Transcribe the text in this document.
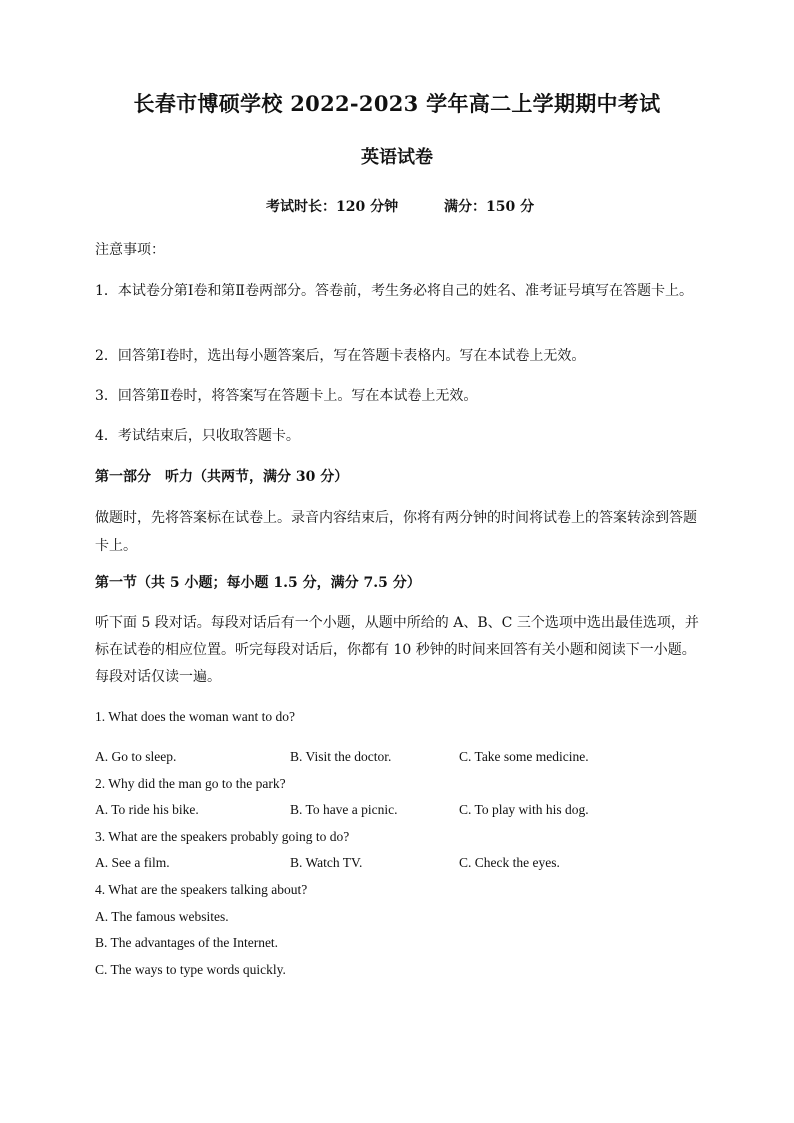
长春市博硕学校 2022-2023 学年高二上学期期中考试
英语试卷
考试时长：120 分钟	满分：150 分
注意事项：
1．本试卷分第Ⅰ卷和第Ⅱ卷两部分。答卷前，考生务必将自己的姓名、准考证号填写在答题卡上。
2．回答第Ⅰ卷时，选出每小题答案后，写在答题卡表格内。写在本试卷上无效。
3．回答第Ⅱ卷时，将答案写在答题卡上。写在本试卷上无效。
4．考试结束后，只收取答题卡。
第一部分　听力（共两节，满分 30 分）
做题时，先将答案标在试卷上。录音内容结束后，你将有两分钟的时间将试卷上的答案转涂到答题卡上。
第一节（共 5 小题；每小题 1.5 分，满分 7.5 分）
听下面 5 段对话。每段对话后有一个小题，从题中所给的 A、B、C 三个选项中选出最佳选项，并标在试卷的相应位置。听完每段对话后，你都有 10 秒钟的时间来回答有关小题和阅读下一小题。每段对话仅读一遍。
1. What does the woman want to do?
A. Go to sleep.	B. Visit the doctor.	C. Take some medicine.
2. Why did the man go to the park?
A. To ride his bike.	B. To have a picnic.	C. To play with his dog.
3. What are the speakers probably going to do?
A. See a film.	B. Watch TV.	C. Check the eyes.
4. What are the speakers talking about?
A. The famous websites.
B. The advantages of the Internet.
C. The ways to type words quickly.
